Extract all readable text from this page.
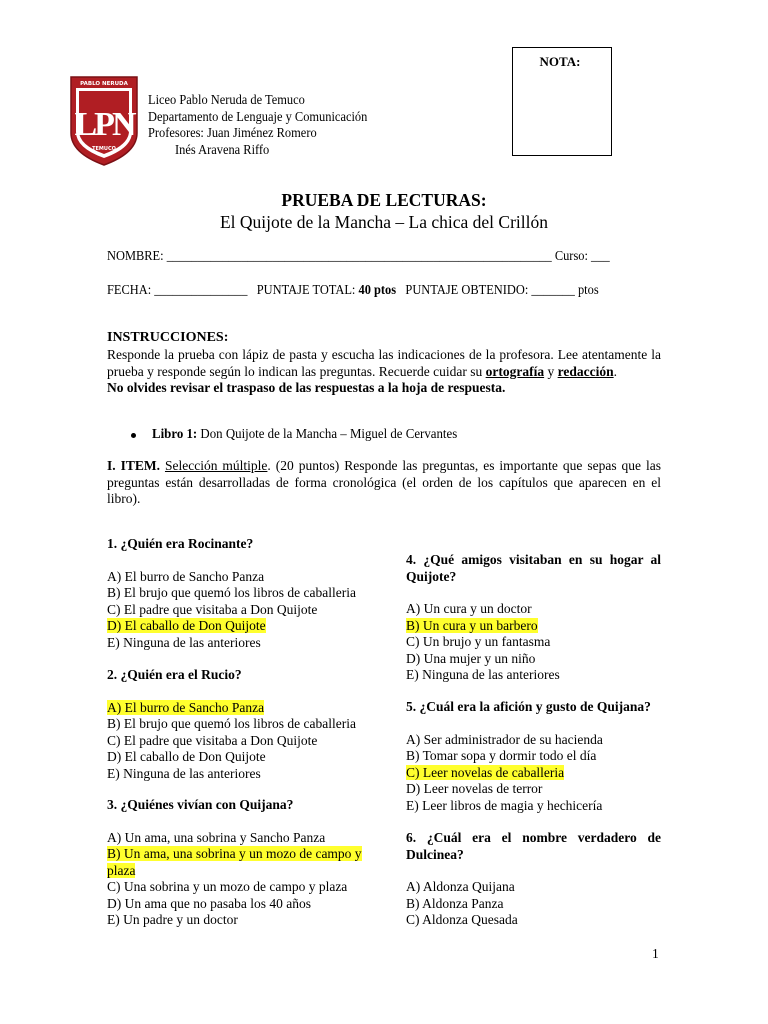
PABLO NERUDA
LPN
TEMUCO
Liceo Pablo Neruda de Temuco
Departamento de Lenguaje y Comunicación
Profesores: Juan Jiménez Romero
Inés Aravena Riffo
NOTA:
PRUEBA DE LECTURAS:
El Quijote de la Mancha – La chica del Crillón
NOMBRE: ______________________________________________________________ Curso: ___
FECHA: _______________ PUNTAJE TOTAL: 40 ptos PUNTAJE OBTENIDO: _______ ptos
INSTRUCCIONES:
Responde la prueba con lápiz de pasta y escucha las indicaciones de la profesora. Lee atentamente la prueba y responde según lo indican las preguntas. Recuerde cuidar su ortografía y redacción.
No olvides revisar el traspaso de las respuestas a la hoja de respuesta.
Libro 1: Don Quijote de la Mancha – Miguel de Cervantes
I. ITEM. Selección múltiple. (20 puntos) Responde las preguntas, es importante que sepas que las preguntas están desarrolladas de forma cronológica (el orden de los capítulos que aparecen en el libro).
1. ¿Quién era Rocinante?
A) El burro de Sancho Panza
B) El brujo que quemó los libros de caballeria
C) El padre que visitaba a Don Quijote
D) El caballo de Don Quijote
E) Ninguna de las anteriores
2. ¿Quién era el Rucio?
A) El burro de Sancho Panza
B) El brujo que quemó los libros de caballeria
C) El padre que visitaba a Don Quijote
D) El caballo de Don Quijote
E) Ninguna de las anteriores
3. ¿Quiénes vivían con Quijana?
A) Un ama, una sobrina y Sancho Panza
B) Un ama, una sobrina y un mozo de campo y plaza
C) Una sobrina y un mozo de campo y plaza
D) Un ama que no pasaba los 40 años
E) Un padre y un doctor
4. ¿Qué amigos visitaban en su hogar al Quijote?
A) Un cura y un doctor
B) Un cura y un barbero
C) Un brujo y un fantasma
D) Una mujer y un niño
E) Ninguna de las anteriores
5. ¿Cuál era la afición y gusto de Quijana?
A) Ser administrador de su hacienda
B) Tomar sopa y dormir todo el día
C) Leer novelas de caballeria
D) Leer novelas de terror
E) Leer libros de magia y hechicería
6. ¿Cuál era el nombre verdadero de Dulcinea?
A) Aldonza Quijana
B) Aldonza Panza
C) Aldonza Quesada
1
